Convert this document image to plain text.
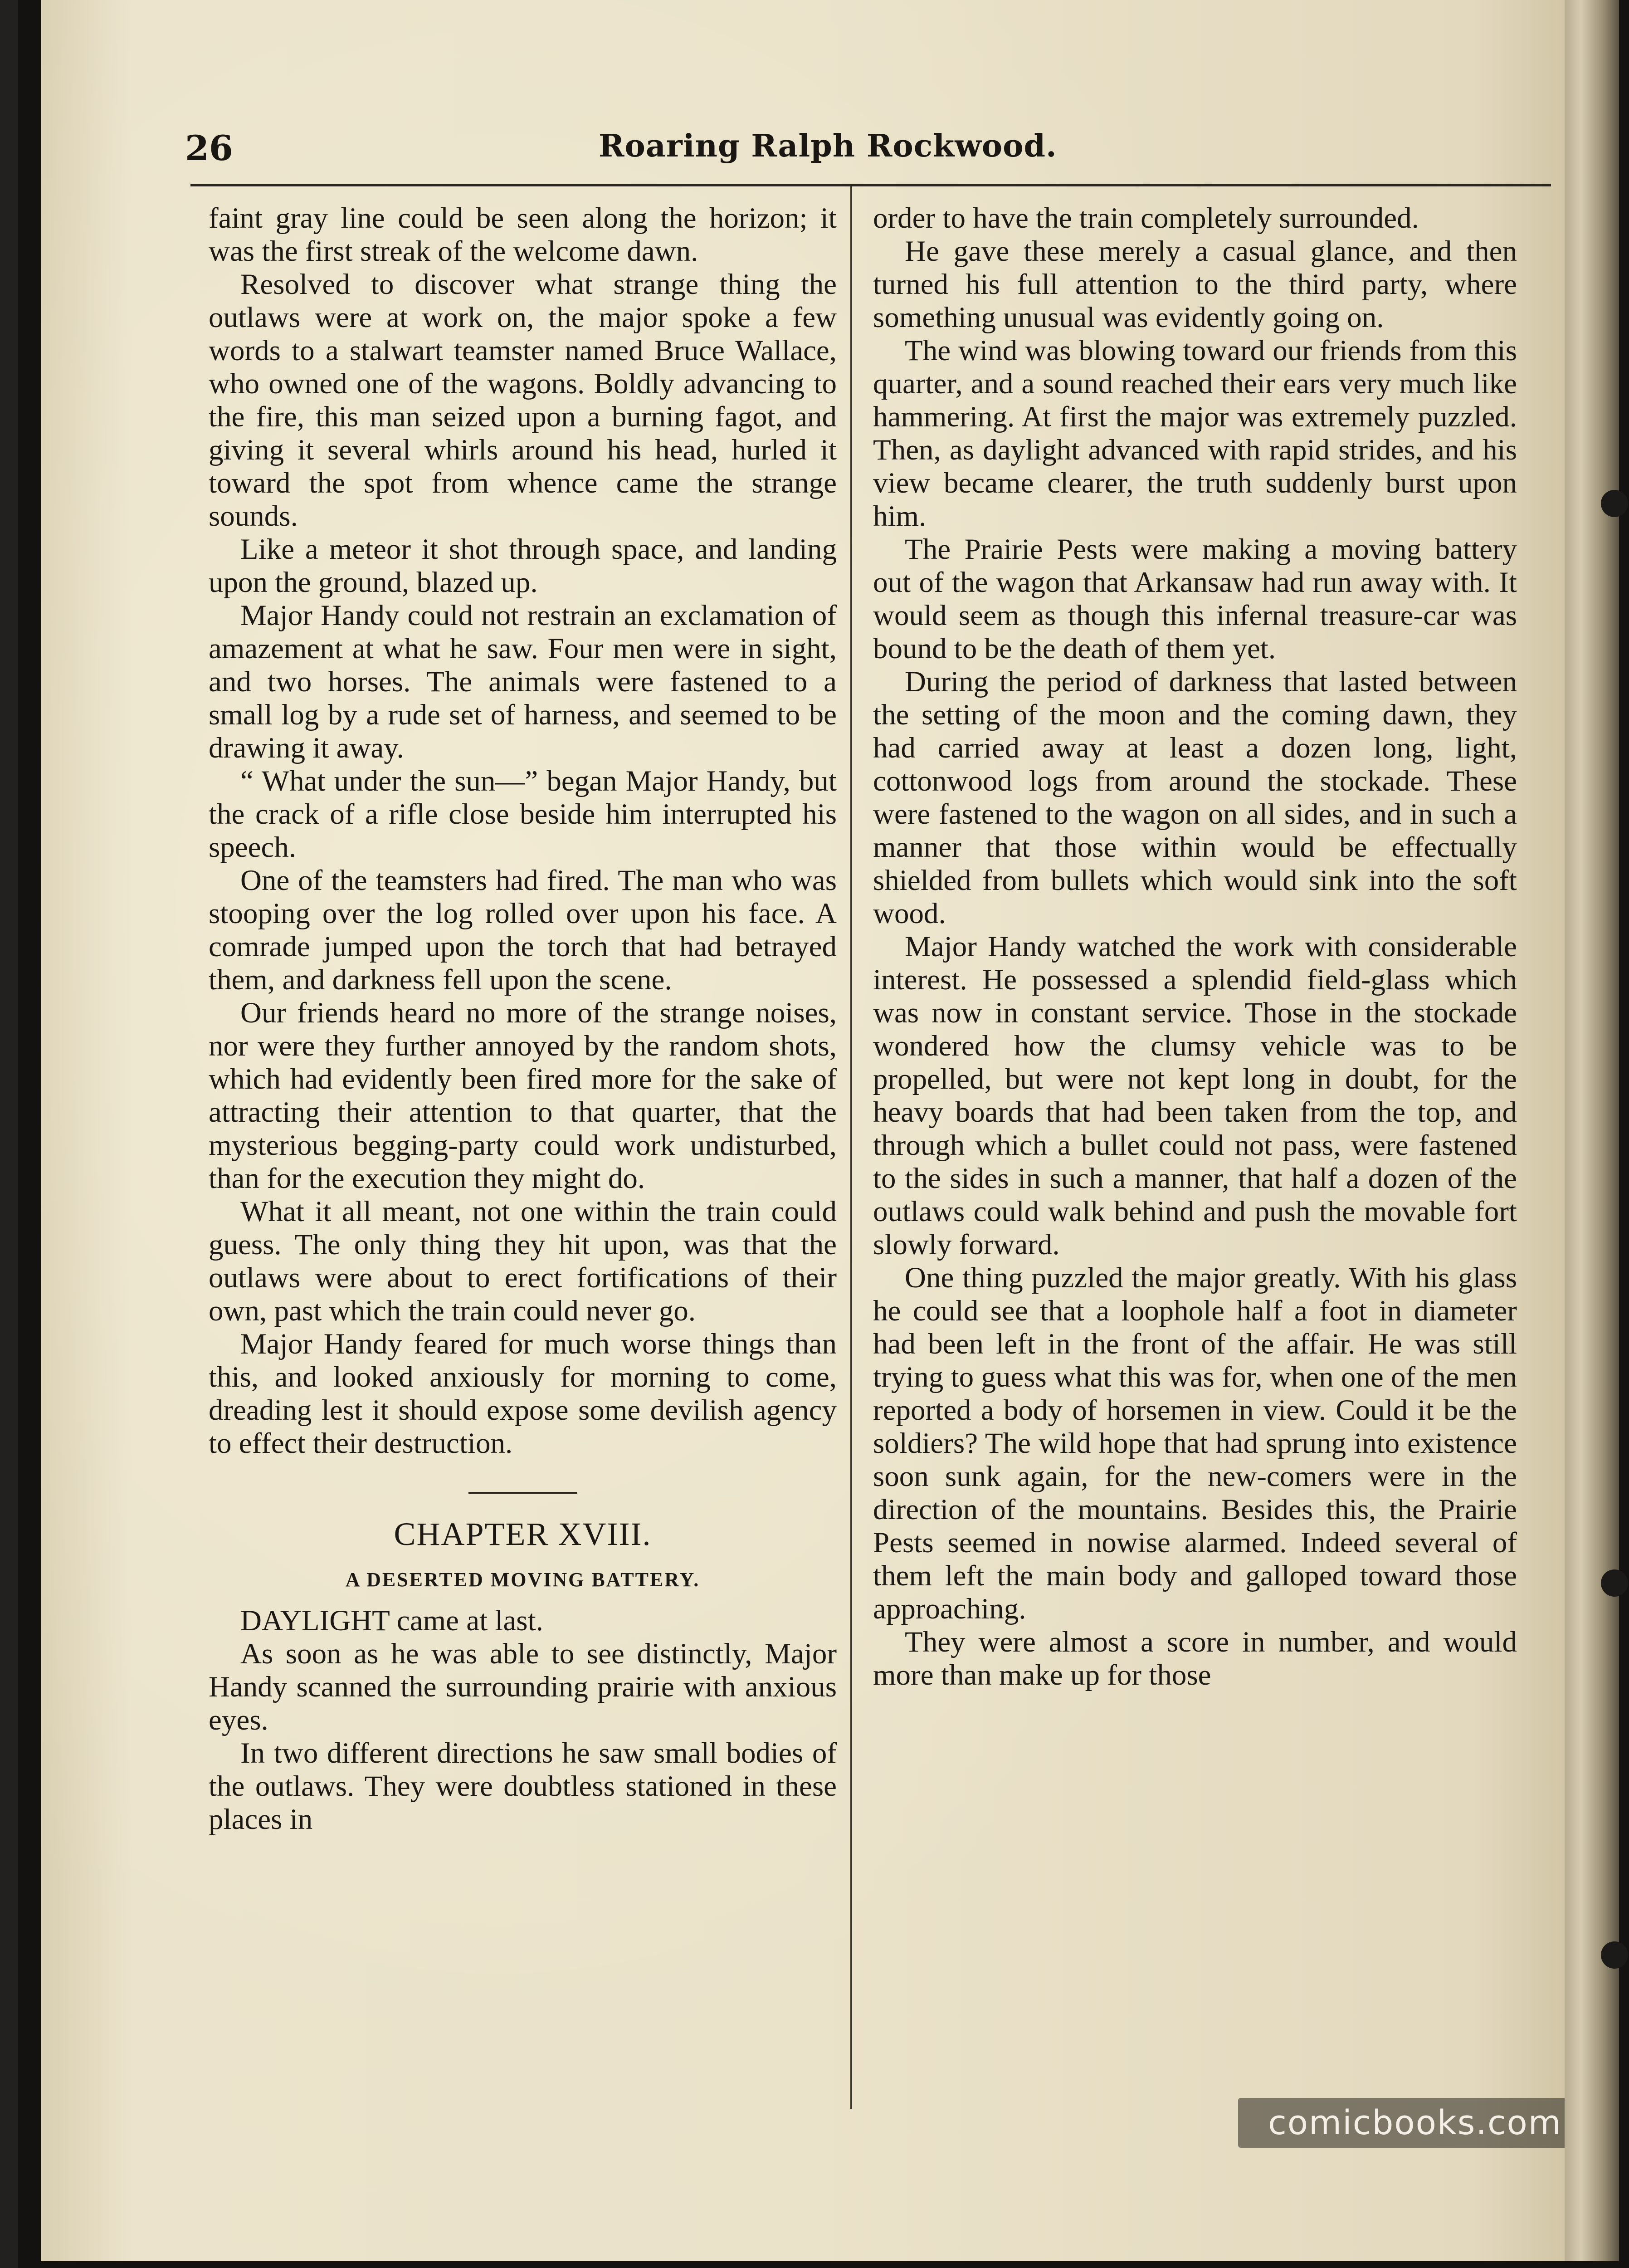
26	Roaring Ralph Rockwood.

faint gray line could be seen along the horizon; it was the first streak of the welcome dawn.

Resolved to discover what strange thing the outlaws were at work on, the major spoke a few words to a stalwart teamster named Bruce Wallace, who owned one of the wagons. Boldly advancing to the fire, this man seized upon a burning fagot, and giving it several whirls around his head, hurled it toward the spot from whence came the strange sounds.

Like a meteor it shot through space, and landing upon the ground, blazed up.

Major Handy could not restrain an exclamation of amazement at what he saw. Four men were in sight, and two horses. The animals were fastened to a small log by a rude set of harness, and seemed to be drawing it away.

“ What under the sun—” began Major Handy, but the crack of a rifle close beside him interrupted his speech.

One of the teamsters had fired. The man who was stooping over the log rolled over upon his face. A comrade jumped upon the torch that had betrayed them, and darkness fell upon the scene.

Our friends heard no more of the strange noises, nor were they further annoyed by the random shots, which had evidently been fired more for the sake of attracting their attention to that quarter, that the mysterious begging-party could work undisturbed, than for the execution they might do.

What it all meant, not one within the train could guess. The only thing they hit upon, was that the outlaws were about to erect fortifications of their own, past which the train could never go.

Major Handy feared for much worse things than this, and looked anxiously for morning to come, dreading lest it should expose some devilish agency to effect their destruction.

CHAPTER XVIII.
A DESERTED MOVING BATTERY.

DAYLIGHT came at last.

As soon as he was able to see distinctly, Major Handy scanned the surrounding prairie with anxious eyes.

In two different directions he saw small bodies of the outlaws. They were doubtless stationed in these places in

order to have the train completely surrounded.

He gave these merely a casual glance, and then turned his full attention to the third party, where something unusual was evidently going on.

The wind was blowing toward our friends from this quarter, and a sound reached their ears very much like hammering. At first the major was extremely puzzled. Then, as daylight advanced with rapid strides, and his view became clearer, the truth suddenly burst upon him.

The Prairie Pests were making a moving battery out of the wagon that Arkansaw had run away with. It would seem as though this infernal treasure-car was bound to be the death of them yet.

During the period of darkness that lasted between the setting of the moon and the coming dawn, they had carried away at least a dozen long, light, cottonwood logs from around the stockade. These were fastened to the wagon on all sides, and in such a manner that those within would be effectually shielded from bullets which would sink into the soft wood.

Major Handy watched the work with considerable interest. He possessed a splendid field-glass which was now in constant service. Those in the stockade wondered how the clumsy vehicle was to be propelled, but were not kept long in doubt, for the heavy boards that had been taken from the top, and through which a bullet could not pass, were fastened to the sides in such a manner, that half a dozen of the outlaws could walk behind and push the movable fort slowly forward.

One thing puzzled the major greatly. With his glass he could see that a loophole half a foot in diameter had been left in the front of the affair. He was still trying to guess what this was for, when one of the men reported a body of horsemen in view. Could it be the soldiers? The wild hope that had sprung into existence soon sunk again, for the new-comers were in the direction of the mountains. Besides this, the Prairie Pests seemed in nowise alarmed. Indeed several of them left the main body and galloped toward those approaching.

They were almost a score in number, and would more than make up for those

comicbooks.com
